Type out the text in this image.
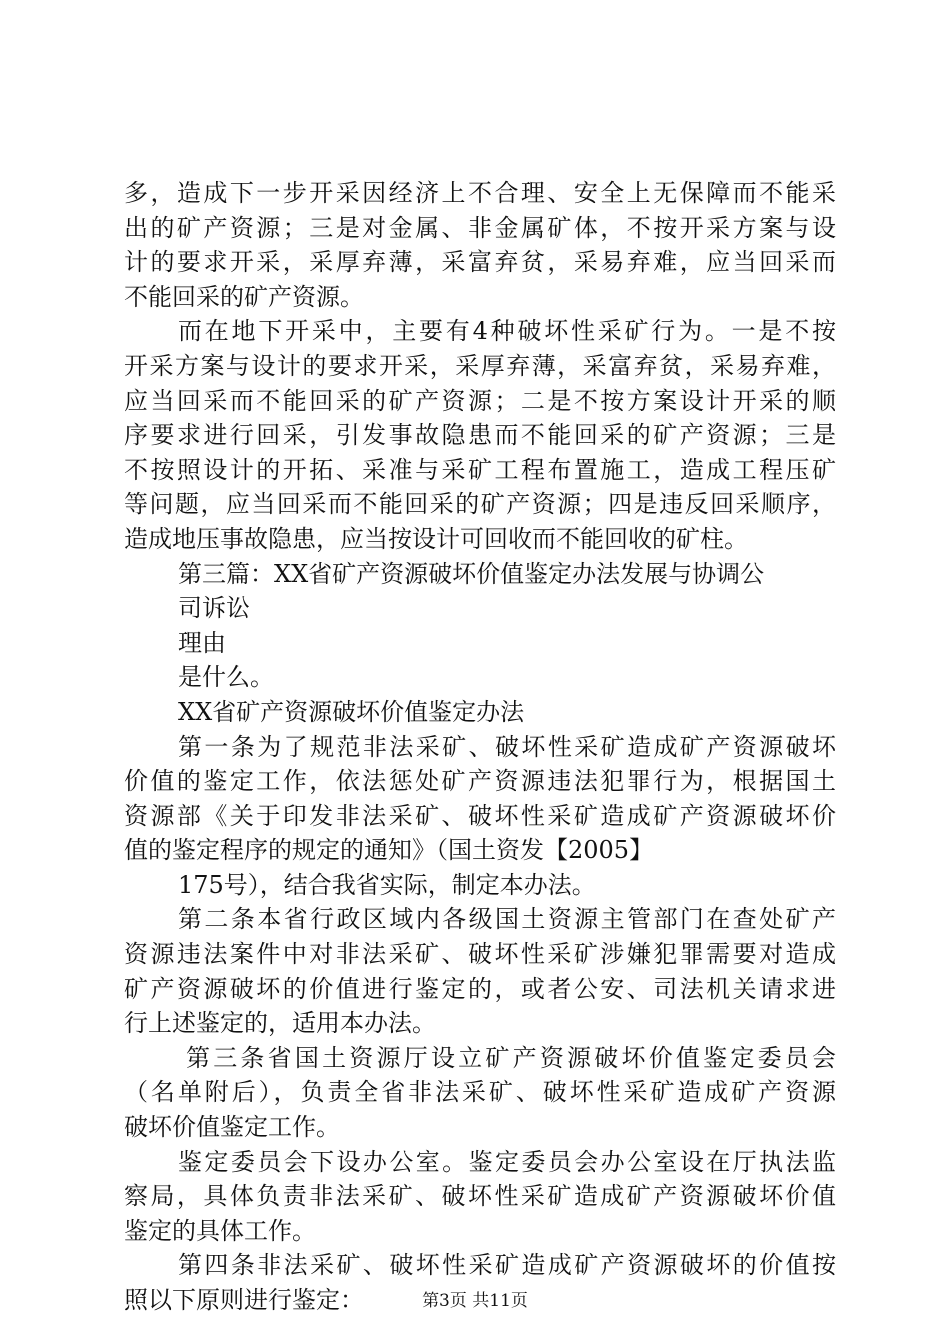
多，造成下一步开采因经济上不合理、安全上无保障而不能采
出的矿产资源；三是对金属、非金属矿体，不按开采方案与设
计的要求开采，采厚弃薄，采富弃贫，采易弃难，应当回采而
不能回采的矿产资源。
而在地下开采中，主要有4种破坏性采矿行为。一是不按
开采方案与设计的要求开采，采厚弃薄，采富弃贫，采易弃难，
应当回采而不能回采的矿产资源；二是不按方案设计开采的顺
序要求进行回采，引发事故隐患而不能回采的矿产资源；三是
不按照设计的开拓、采准与采矿工程布置施工，造成工程压矿
等问题，应当回采而不能回采的矿产资源；四是违反回采顺序，
造成地压事故隐患，应当按设计可回收而不能回收的矿柱。
第三篇：XX省矿产资源破坏价值鉴定办法发展与协调公
司诉讼
理由
是什么。
XX省矿产资源破坏价值鉴定办法
第一条为了规范非法采矿、破坏性采矿造成矿产资源破坏
价值的鉴定工作，依法惩处矿产资源违法犯罪行为，根据国土
资源部《关于印发非法采矿、破坏性采矿造成矿产资源破坏价
值的鉴定程序的规定的通知》（国土资发【2005】
175号），结合我省实际，制定本办法。
第二条本省行政区域内各级国土资源主管部门在查处矿产
资源违法案件中对非法采矿、破坏性采矿涉嫌犯罪需要对造成
矿产资源破坏的价值进行鉴定的，或者公安、司法机关请求进
行上述鉴定的，适用本办法。
第三条省国土资源厅设立矿产资源破坏价值鉴定委员会
（名单附后），负责全省非法采矿、破坏性采矿造成矿产资源
破坏价值鉴定工作。
鉴定委员会下设办公室。鉴定委员会办公室设在厅执法监
察局，具体负责非法采矿、破坏性采矿造成矿产资源破坏价值
鉴定的具体工作。
第四条非法采矿、破坏性采矿造成矿产资源破坏的价值按
照以下原则进行鉴定：	第3页 共11页
